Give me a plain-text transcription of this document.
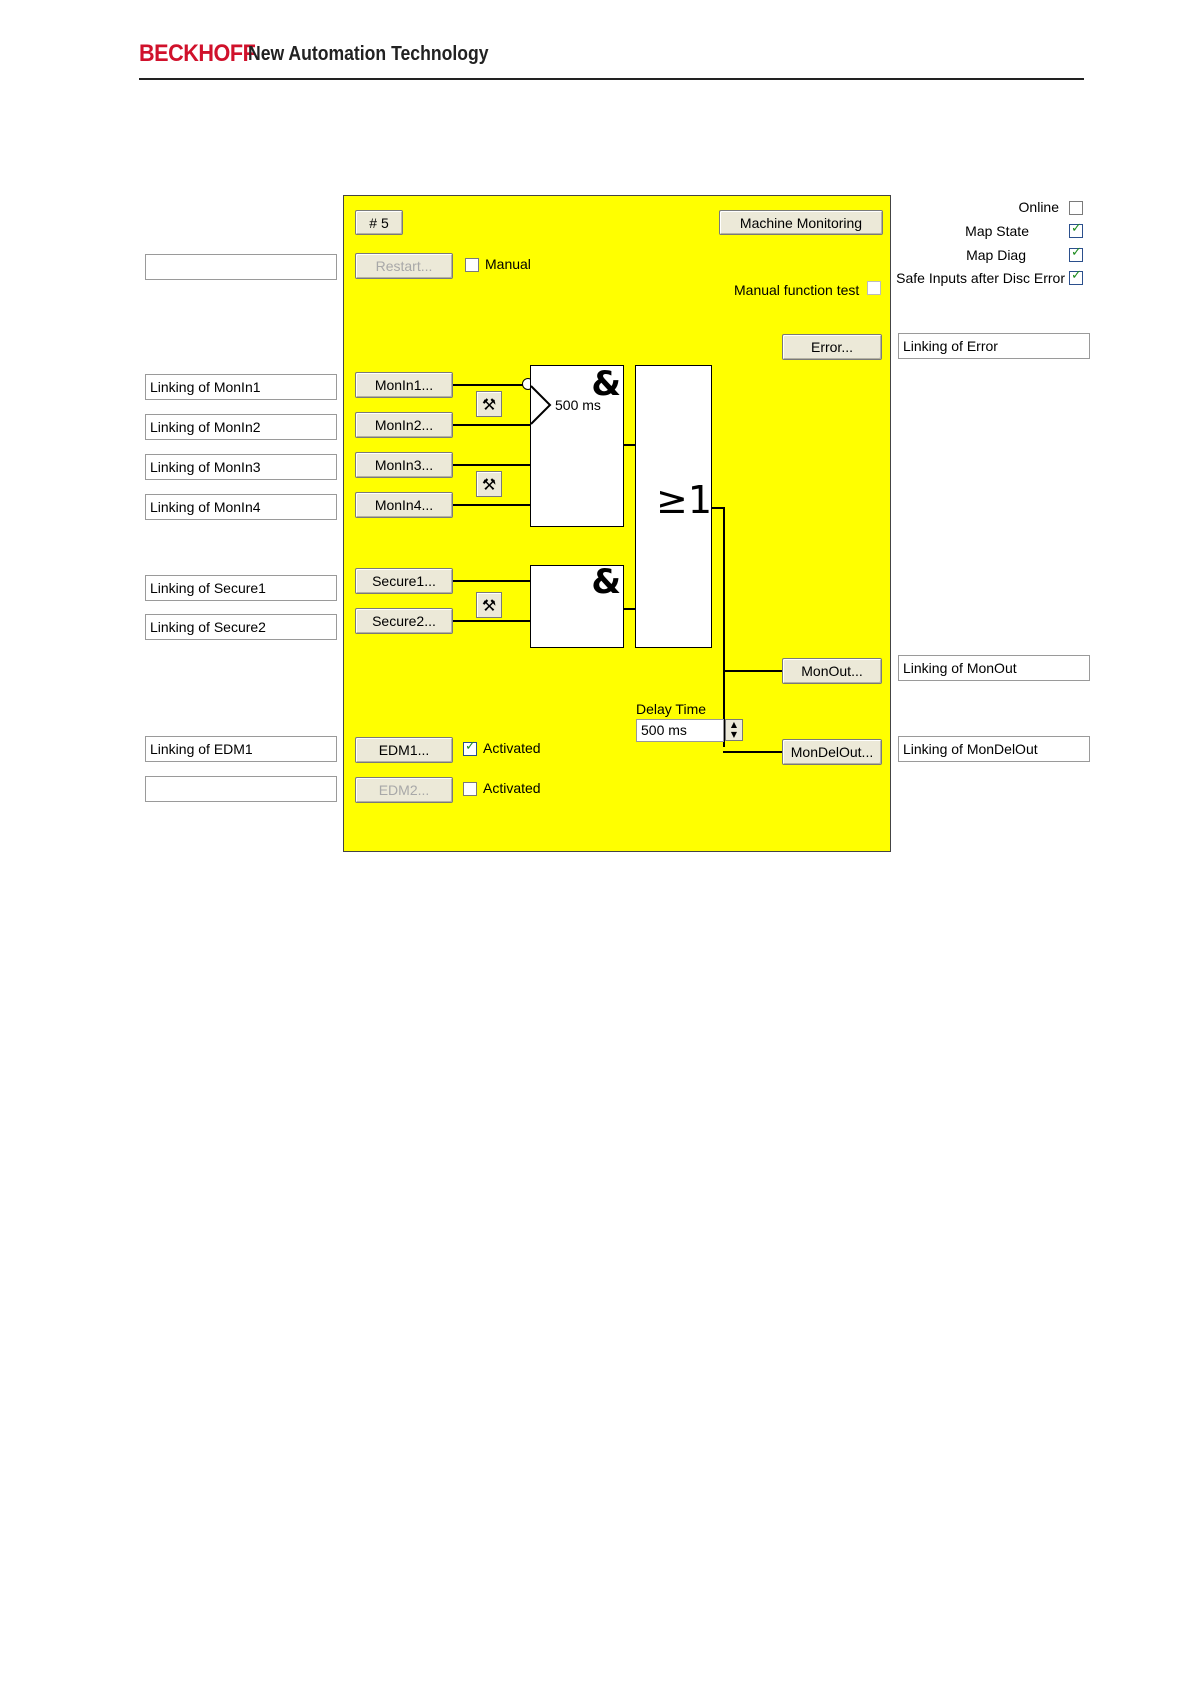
BECKHOFF
New Automation Technology
Linking of MonIn1
Linking of MonIn2
Linking of MonIn3
Linking of MonIn4
Linking of Secure1
Linking of Secure2
Linking of EDM1
Linking of Error
Linking of MonOut
Linking of MonDelOut
Online
Map State
✓
Map Diag
✓
Safe Inputs after Disc Error
✓
# 5	Machine Monitoring
Restart...	Manual
Manual function test
Error...
MonIn1...
MonIn2...
MonIn3...
MonIn4...
⚒
⚒
&
500 ms
Secure1...
Secure2...
⚒
&
≥1
MonOut...
Delay Time
500 ms	▲
▼
MonDelOut...
EDM1...
✓	Activated
EDM2...	Activated
